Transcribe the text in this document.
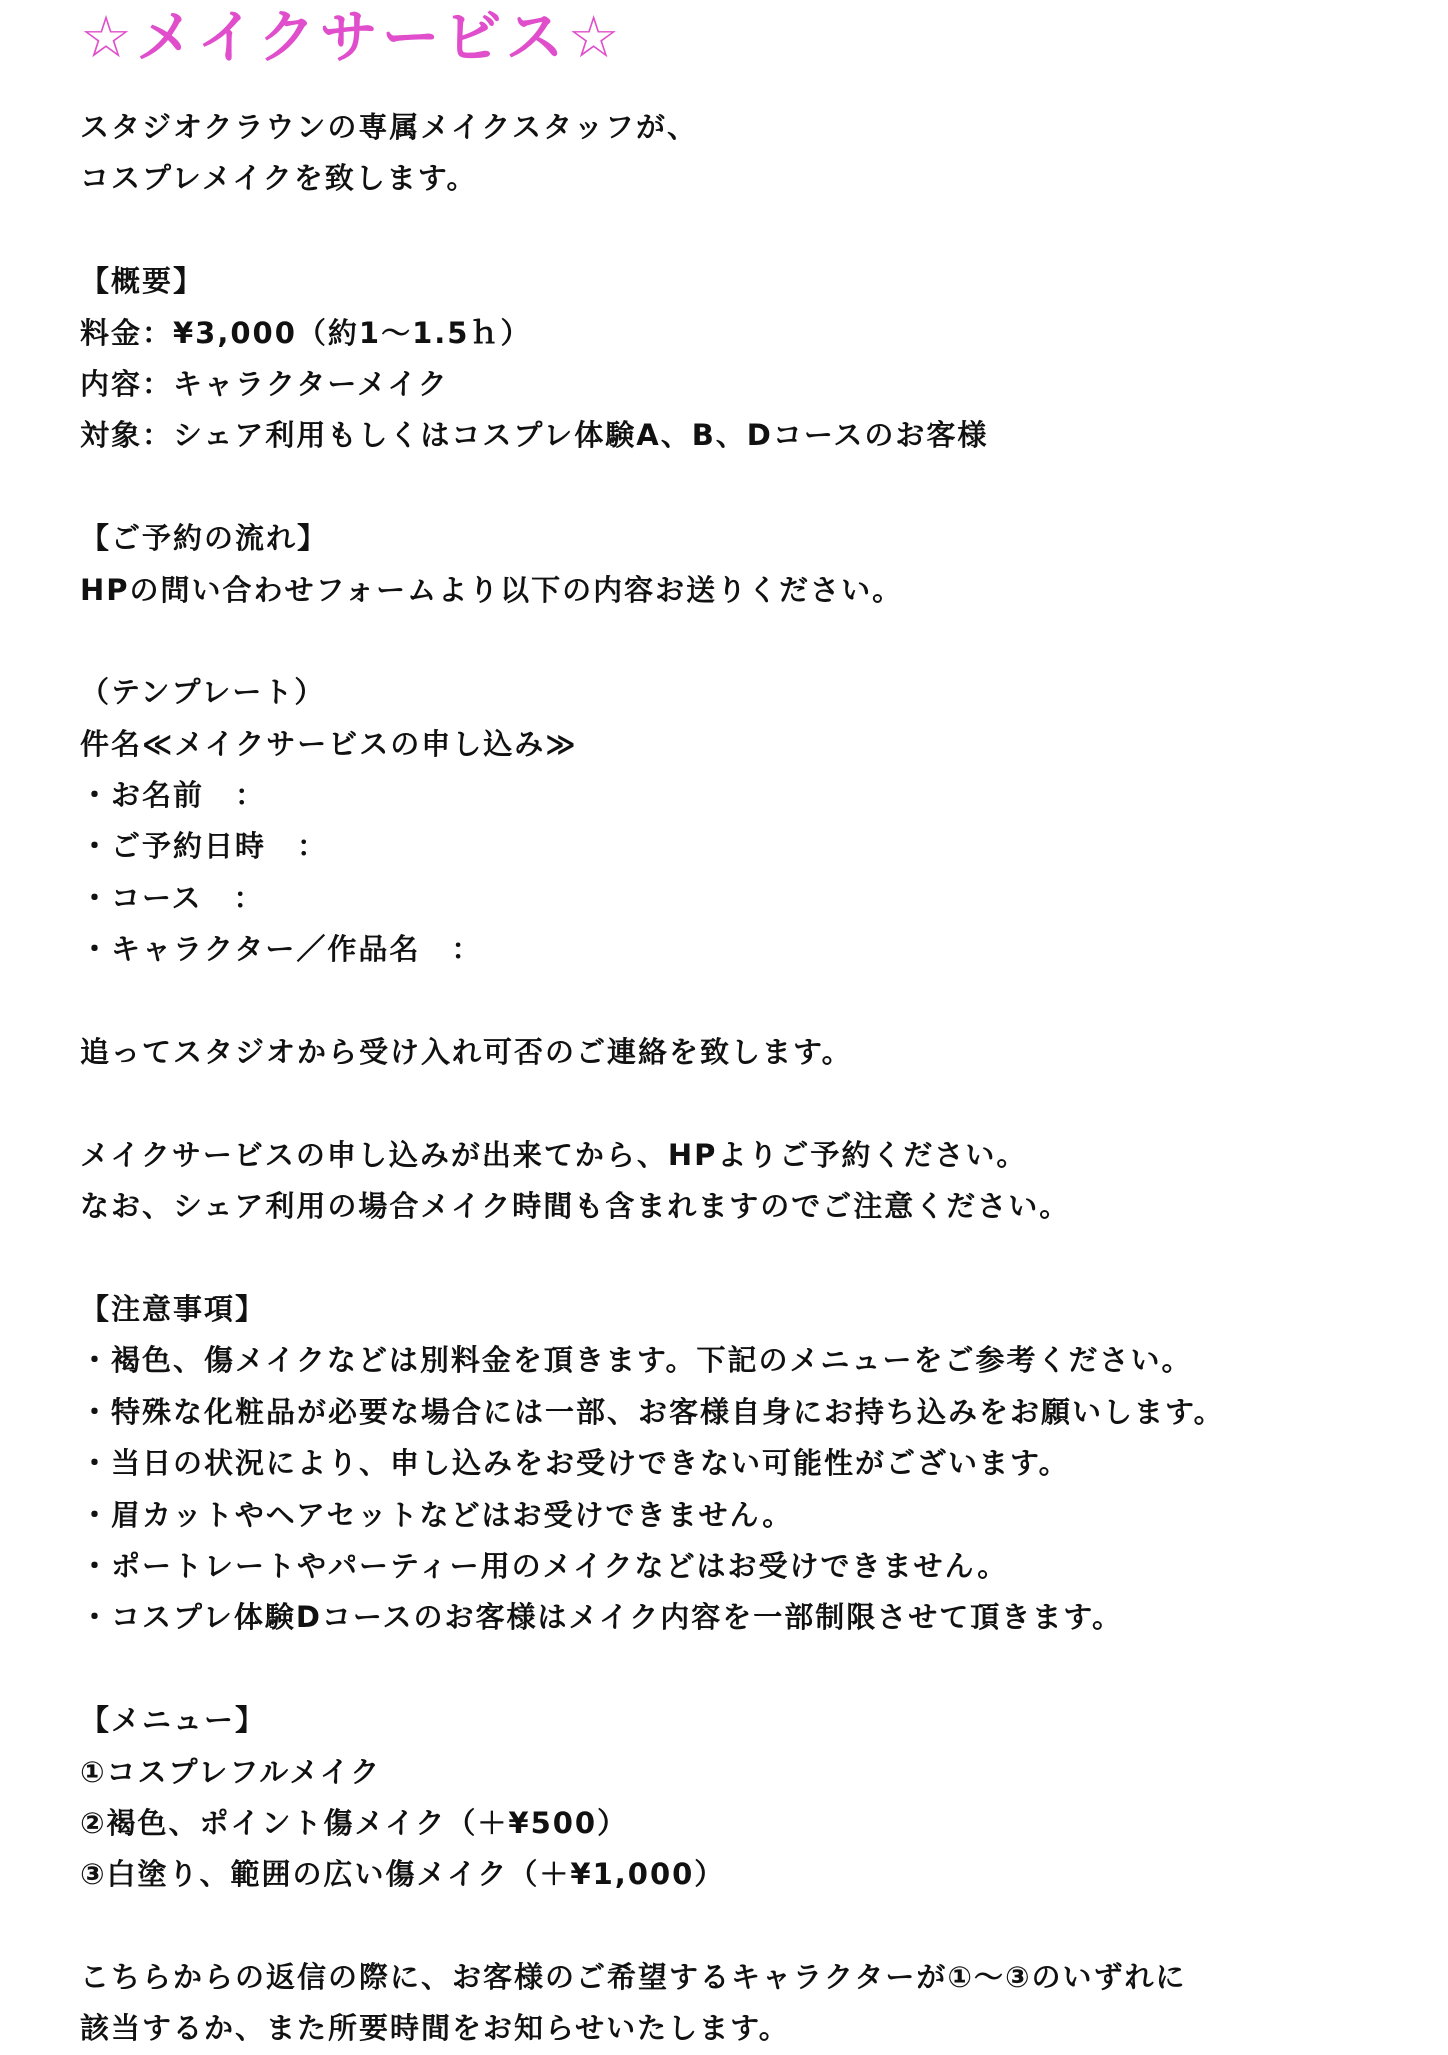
☆メイクサービス☆
スタジオクラウンの専属メイクスタッフが、
コスプレメイクを致します。
【概要】
料金：¥3,000（約1～1.5ｈ）
内容：キャラクターメイク
対象：シェア利用もしくはコスプレ体験A、B、Dコースのお客様
【ご予約の流れ】
HPの問い合わせフォームより以下の内容お送りください。
（テンプレート）
件名≪メイクサービスの申し込み≫
・お名前　：
・ご予約日時　：
・コース　：
・キャラクター／作品名　：
追ってスタジオから受け入れ可否のご連絡を致します。
メイクサービスの申し込みが出来てから、HPよりご予約ください。
なお、シェア利用の場合メイク時間も含まれますのでご注意ください。
【注意事項】
・褐色、傷メイクなどは別料金を頂きます。下記のメニューをご参考ください。
・特殊な化粧品が必要な場合には一部、お客様自身にお持ち込みをお願いします。
・当日の状況により、申し込みをお受けできない可能性がございます。
・眉カットやヘアセットなどはお受けできません。
・ポートレートやパーティー用のメイクなどはお受けできません。
・コスプレ体験Dコースのお客様はメイク内容を一部制限させて頂きます。
【メニュー】
①コスプレフルメイク
②褐色、ポイント傷メイク（＋¥500）
③白塗り、範囲の広い傷メイク（＋¥1,000）
こちらからの返信の際に、お客様のご希望するキャラクターが①～③のいずれに
該当するか、また所要時間をお知らせいたします。
